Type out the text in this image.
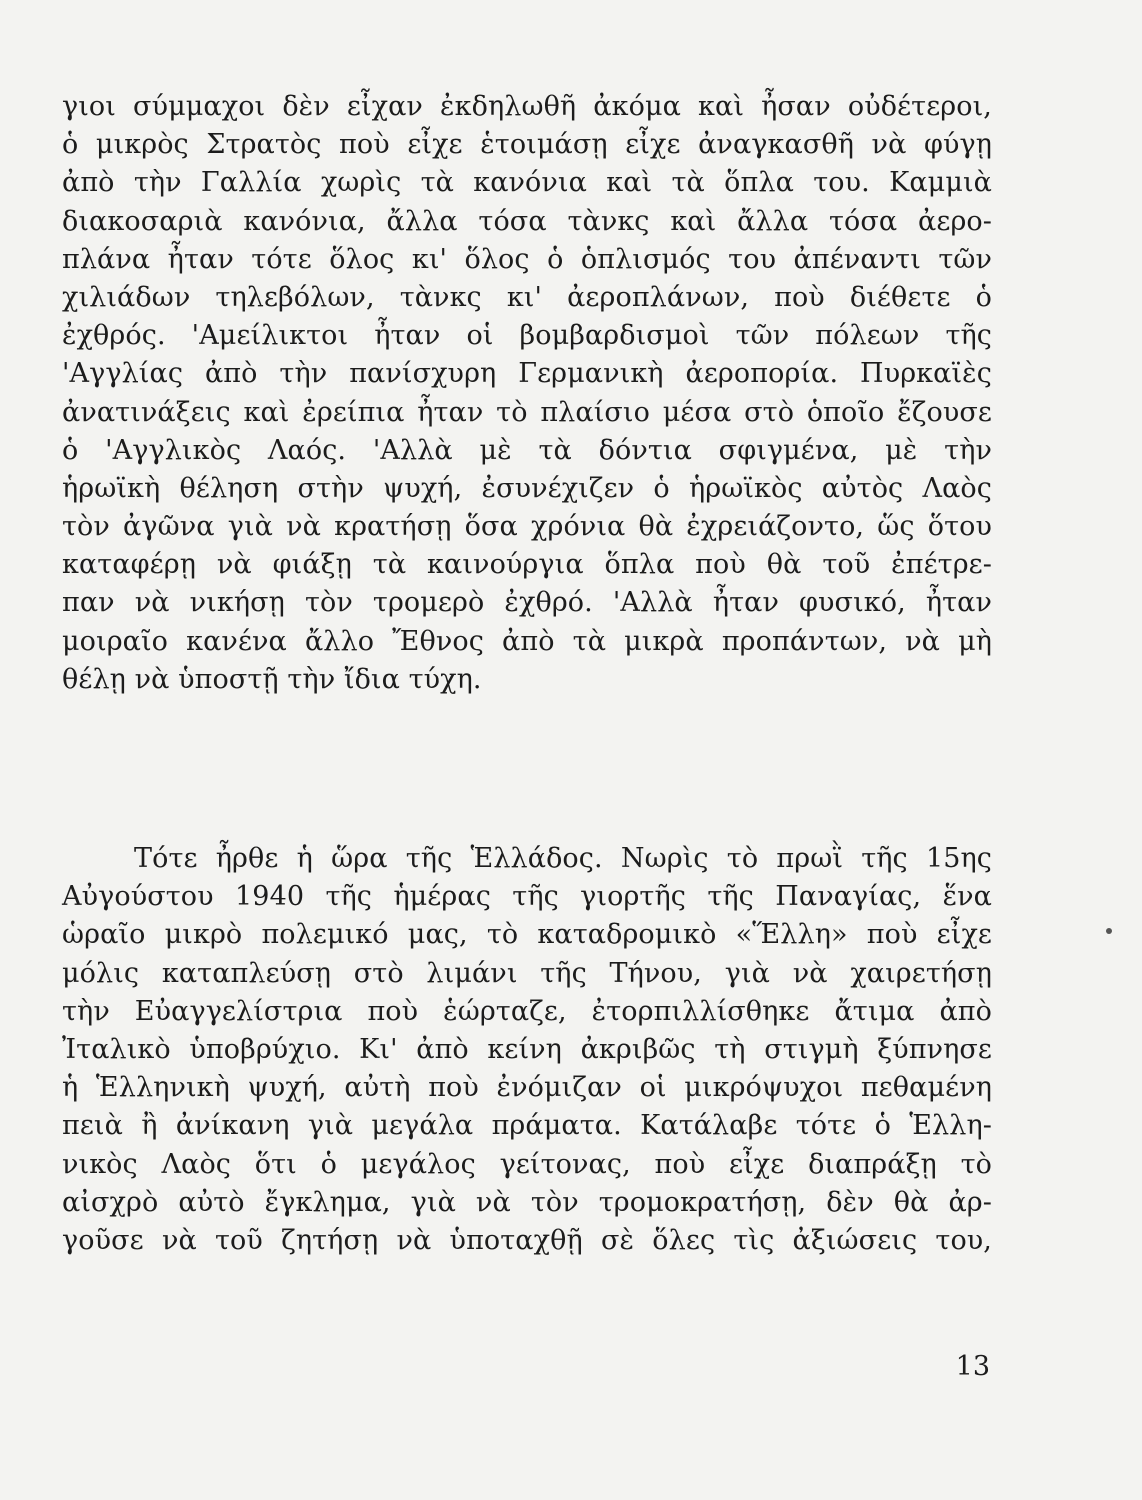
γιοι σύμμαχοι δὲν εἶχαν ἐκδηλωθῆ ἀκόμα καὶ ἦσαν οὐδέτεροι,
ὁ μικρὸς Στρατὸς ποὺ εἶχε ἑτοιμάσῃ εἶχε ἀναγκασθῆ νὰ φύγῃ
ἀπὸ τὴν Γαλλία χωρὶς τὰ κανόνια καὶ τὰ ὅπλα του. Καμμιὰ
διακοσαριὰ κανόνια, ἄλλα τόσα τὰνκς καὶ ἄλλα τόσα ἀερο-
πλάνα ἦταν τότε ὅλος κι' ὅλος ὁ ὁπλισμός του ἀπέναντι τῶν
χιλιάδων τηλεβόλων, τὰνκς κι' ἀεροπλάνων, ποὺ διέθετε ὁ
ἐχθρός. 'Αμείλικτοι ἦταν οἱ βομβαρδισμοὶ τῶν πόλεων τῆς
'Αγγλίας ἀπὸ τὴν πανίσχυρη Γερμανικὴ ἀεροπορία. Πυρκαϊὲς
ἀνατινάξεις καὶ ἐρείπια ἦταν τὸ πλαίσιο μέσα στὸ ὁποῖο ἔζουσε
ὁ 'Αγγλικὸς Λαός. 'Αλλὰ μὲ τὰ δόντια σφιγμένα, μὲ τὴν
ἡρωϊκὴ θέληση στὴν ψυχή, ἐσυνέχιζεν ὁ ἡρωϊκὸς αὐτὸς Λαὸς
τὸν ἀγῶνα γιὰ νὰ κρατήσῃ ὅσα χρόνια θὰ ἐχρειάζοντο, ὥς ὅτου
καταφέρῃ νὰ φιάξῃ τὰ καινούργια ὅπλα ποὺ θὰ τοῦ ἐπέτρε-
παν νὰ νικήσῃ τὸν τρομερὸ ἐχθρό. 'Αλλὰ ἦταν φυσικό, ἦταν
μοιραῖο κανένα ἄλλο Ἔθνος ἀπὸ τὰ μικρὰ προπάντων, νὰ μὴ
θέλῃ νὰ ὑποστῇ τὴν ἴδια τύχη.
Τότε ἦρθε ἡ ὥρα τῆς Ἑλλάδος. Νωρὶς τὸ πρωῒ τῆς 15ης
Αὐγούστου 1940 τῆς ἡμέρας τῆς γιορτῆς τῆς Παναγίας, ἕνα
ὡραῖο μικρὸ πολεμικό μας, τὸ καταδρομικὸ «Ἕλλη» ποὺ εἶχε
μόλις καταπλεύσῃ στὸ λιμάνι τῆς Τήνου, γιὰ νὰ χαιρετήσῃ
τὴν Εὐαγγελίστρια ποὺ ἑώρταζε, ἐτορπιλλίσθηκε ἄτιμα ἀπὸ
Ἰταλικὸ ὑποβρύχιο. Κι' ἀπὸ κείνη ἀκριβῶς τὴ στιγμὴ ξύπνησε
ἡ Ἑλληνικὴ ψυχή, αὐτὴ ποὺ ἐνόμιζαν οἱ μικρόψυχοι πεθαμένη
πειὰ ἢ ἀνίκανη γιὰ μεγάλα πράματα. Κατάλαβε τότε ὁ Ἑλλη-
νικὸς Λαὸς ὅτι ὁ μεγάλος γείτονας, ποὺ εἶχε διαπράξῃ τὸ
αἰσχρὸ αὐτὸ ἔγκλημα, γιὰ νὰ τὸν τρομοκρατήσῃ, δὲν θὰ ἀρ-
γοῦσε νὰ τοῦ ζητήσῃ νὰ ὑποταχθῇ σὲ ὅλες τὶς ἀξιώσεις του,
13
